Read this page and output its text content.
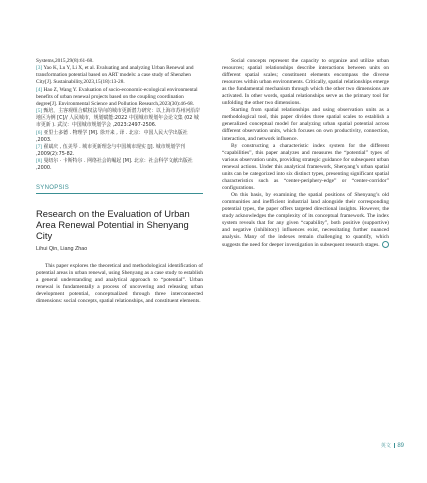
Systems,2015,29(8):61-68.

[3] Yao K, Lu Y, Li X, et al. Evaluating and analyzing Urban Renewal and transformation potential based on ART models: a case study of Shenzhen City[J]. Sustainability,2023,15(18):13-28.

[4] Hao Z, Wang Y. Evaluation of socio-economic-ecological environmental benefits of urban renewal projects based on the coupling coordination degree[J]. Environmental Science and Pollution Research,2023(30):46-68.

[5] 甄培，主客观组合赋权法导向的城市更新潜力研究：以上海市苏州河沿岸地区为例 [C]// 人民城市，规划赋能:2022 中国城市规划年会论文集 (02 城市更新 ). 武汉：中国城市规划学会 ,2023:2497-2506.

[6] 亚里士多德 . 物理学 [M]. 徐开来 , 译 . 北京：中国人民大学出版社 ,2003.

[7] 翟斌庆 , 伍美琴 . 城市更新理念与中国城市现实 [J]. 城市规划学刊 ,2009(2):75-82.

[8] 曼纽尔 · 卡斯特尔 . 网络社会的崛起 [M]. 北京：社会科学文献出版社 ,2000.

SYNOPSIS
Research on the Evaluation of Urban Area Renewal Potential in Shenyang City
Lihui Qin, Liang Zhao

This paper explores the theoretical and methodological identification of potential areas in urban renewal, using Shenyang as a case study to establish a general understanding and analytical approach to “potential”. Urban renewal is fundamentally a process of uncovering and releasing urban development potential, conceptualized through three interconnected dimensions: social concepts, spatial relationships, and constituent elements.

Social concepts represent the capacity to organize and utilize urban resources; spatial relationships describe interactions between units on different spatial scales; constituent elements encompass the diverse resources within urban environments. Critically, spatial relationships emerge as the fundamental mechanism through which the other two dimensions are activated. In other words, spatial relationships serve as the primary tool for unfolding the other two dimensions.

Starting from spatial relationships and using observation units as a methodological tool, this paper divides three spatial scales to establish a generalized conceptual model for analyzing urban spatial potential across different observation units, which focuses on own productivity, connection, interaction, and network influence.

By constructing a characteristic index system for the different “capabilities”, this paper analyzes and measures the “potential” types of various observation units, providing strategic guidance for subsequent urban renewal actions. Under this analytical framework, Shenyang’s urban spatial units can be categorized into six distinct types, presenting significant spatial characteristics such as “center-periphery-edge” or “center-corridor” configurations.

On this basis, by examining the spatial positions of Shenyang’s old communities and inefficient industrial land alongside their corresponding potential types, the paper offers targeted directional insights. However, the study acknowledges the complexity of its conceptual framework. The index system reveals that for any given “capability”, both positive (supportive) and negative (inhibitory) influences exist, necessitating further nuanced analysis. Many of the indexes remain challenging to quantify, which suggests the need for deeper investigation in subsequent research stages.

英文 89
